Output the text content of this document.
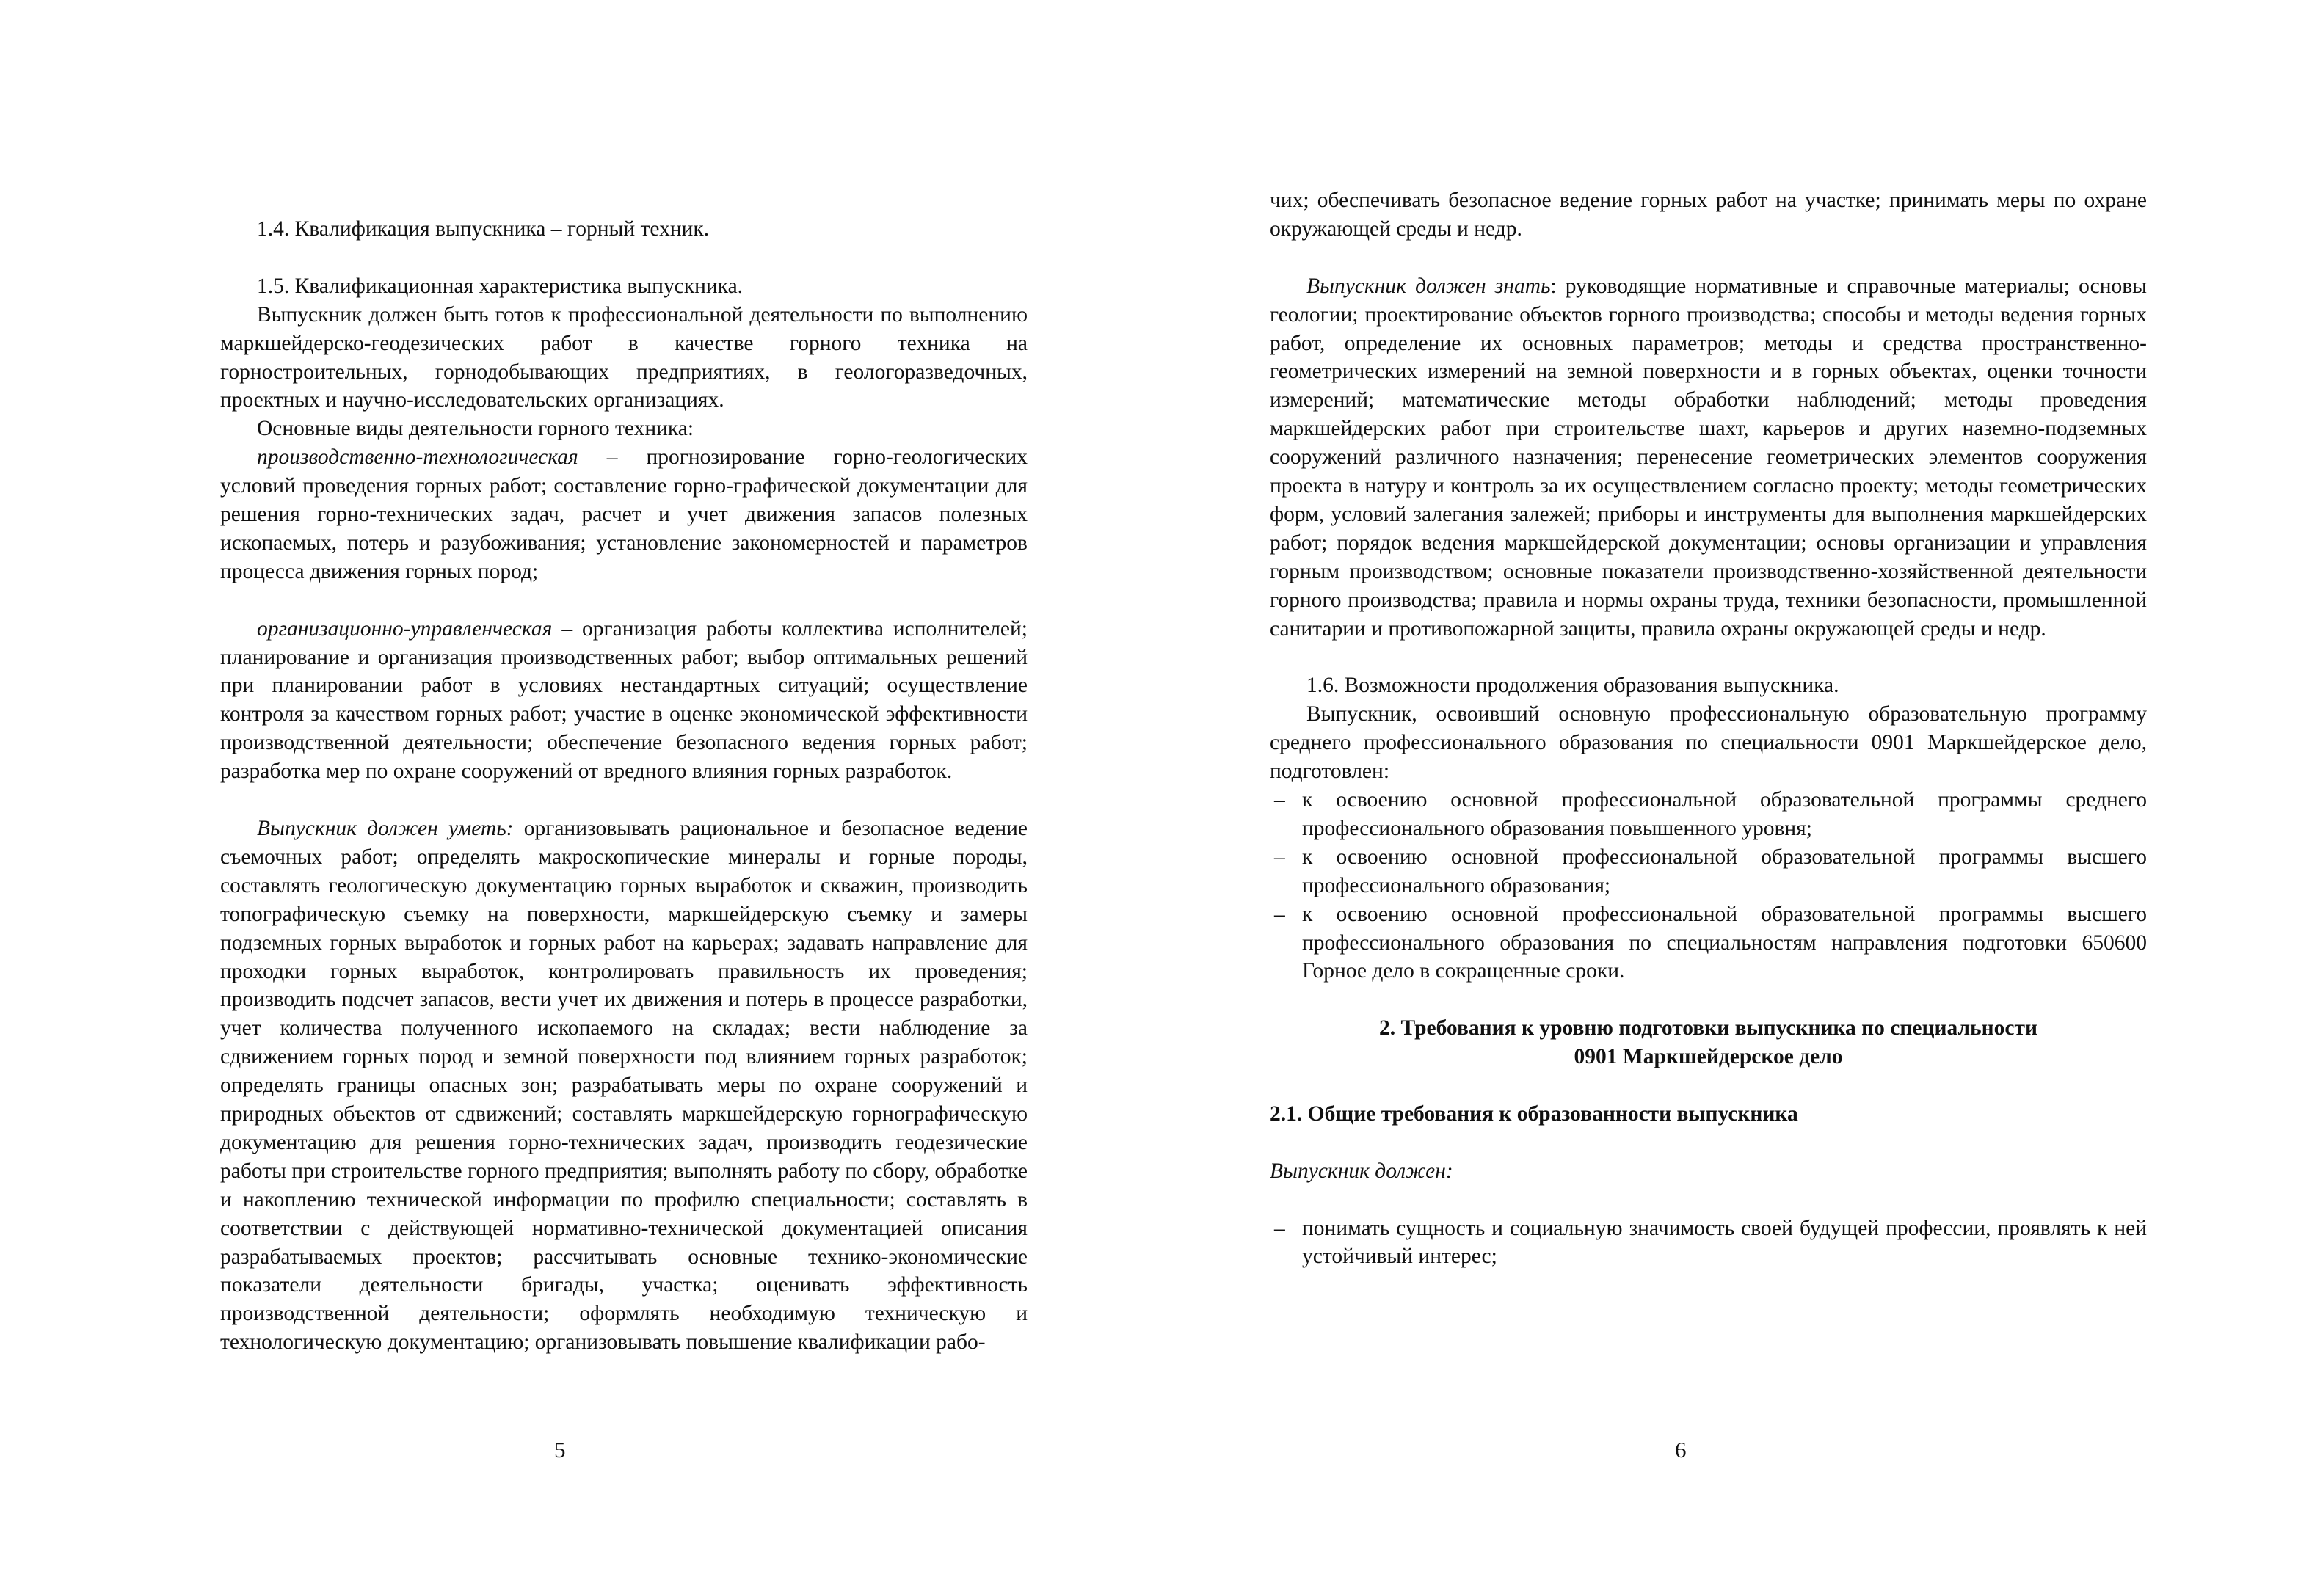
1.4. Квалификация выпускника – горный техник.

1.5. Квалификационная характеристика выпускника.

Выпускник должен быть готов к профессиональной деятельности по выполнению маркшейдерско-геодезических работ в качестве горного техника на горностроительных, горнодобывающих предприятиях, в геологоразведочных, проектных и научно-исследовательских организациях.

Основные виды деятельности горного техника:

производственно-технологическая – прогнозирование горно-геологических условий проведения горных работ; составление горно-графической документации для решения горно-технических задач, расчет и учет движения запасов полезных ископаемых, потерь и разубоживания; установление закономерностей и параметров процесса движения горных пород;

организационно-управленческая – организация работы коллектива исполнителей; планирование и организация производственных работ; выбор оптимальных решений при планировании работ в условиях нестандартных ситуаций; осуществление контроля за качеством горных работ; участие в оценке экономической эффективности производственной деятельности; обеспечение безопасного ведения горных работ; разработка мер по охране сооружений от вредного влияния горных разработок.

Выпускник должен уметь: организовывать рациональное и безопасное ведение съемочных работ; определять макроскопические минералы и горные породы, составлять геологическую документацию горных выработок и скважин, производить топографическую съемку на поверхности, маркшейдерскую съемку и замеры подземных горных выработок и горных работ на карьерах; задавать направление для проходки горных выработок, контролировать правильность их проведения; производить подсчет запасов, вести учет их движения и потерь в процессе разработки, учет количества полученного ископаемого на складах; вести наблюдение за сдвижением горных пород и земной поверхности под влиянием горных разработок; определять границы опасных зон; разрабатывать меры по охране сооружений и природных объектов от сдвижений; составлять маркшейдерскую горнографическую документацию для решения горно-технических задач, производить геодезические работы при строительстве горного предприятия; выполнять работу по сбору, обработке и накоплению технической информации по профилю специальности; составлять в соответствии с действующей нормативно-технической документацией описания разрабатываемых проектов; рассчитывать основные технико-экономические показатели деятельности бригады, участка; оценивать эффективность производственной деятельности; оформлять необходимую техническую и технологическую документацию; организовывать повышение квалификации рабо-

5

чих; обеспечивать безопасное ведение горных работ на участке; принимать меры по охране окружающей среды и недр.

Выпускник должен знать: руководящие нормативные и справочные материалы; основы геологии; проектирование объектов горного производства; способы и методы ведения горных работ, определение их основных параметров; методы и средства пространственно-геометрических измерений на земной поверхности и в горных объектах, оценки точности измерений; математические методы обработки наблюдений; методы проведения маркшейдерских работ при строительстве шахт, карьеров и других наземно-подземных сооружений различного назначения; перенесение геометрических элементов сооружения проекта в натуру и контроль за их осуществлением согласно проекту; методы геометрических форм, условий залегания залежей; приборы и инструменты для выполнения маркшейдерских работ; порядок ведения маркшейдерской документации; основы организации и управления горным производством; основные показатели производственно-хозяйственной деятельности горного производства; правила и нормы охраны труда, техники безопасности, промышленной санитарии и противопожарной защиты, правила охраны окружающей среды и недр.

1.6. Возможности продолжения образования выпускника.

Выпускник, освоивший основную профессиональную образовательную программу среднего профессионального образования по специальности 0901 Маркшейдерское дело, подготовлен:

– к освоению основной профессиональной образовательной программы среднего профессионального образования повышенного уровня;
– к освоению основной профессиональной образовательной программы высшего профессионального образования;
– к освоению основной профессиональной образовательной программы высшего профессионального образования по специальностям направления подготовки 650600 Горное дело в сокращенные сроки.

2. Требования к уровню подготовки выпускника по специальности

0901 Маркшейдерское дело

2.1. Общие требования к образованности выпускника

Выпускник должен:

– понимать сущность и социальную значимость своей будущей профессии, проявлять к ней устойчивый интерес;
6
